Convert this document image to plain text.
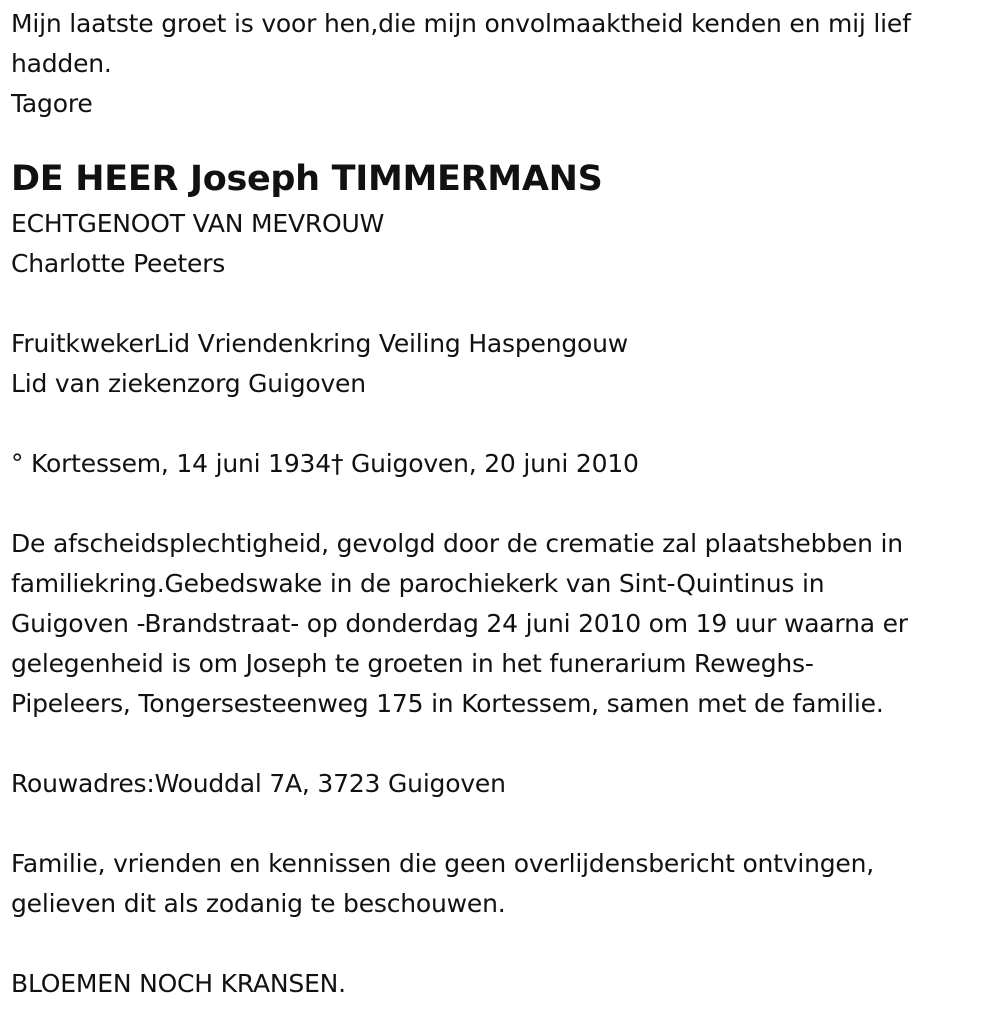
Mijn laatste groet is voor hen,die mijn onvolmaaktheid kenden en mij lief
hadden.
Tagore
DE HEER Joseph TIMMERMANS
ECHTGENOOT VAN MEVROUW
Charlotte Peeters
FruitkwekerLid Vriendenkring Veiling Haspengouw
Lid van ziekenzorg Guigoven
° Kortessem, 14 juni 1934† Guigoven, 20 juni 2010
De afscheidsplechtigheid, gevolgd door de crematie zal plaatshebben in
familiekring.Gebedswake in de parochiekerk van Sint-Quintinus in
Guigoven -Brandstraat- op donderdag 24 juni 2010 om 19 uur waarna er
gelegenheid is om Joseph te groeten in het funerarium Reweghs-
Pipeleers, Tongersesteenweg 175 in Kortessem, samen met de familie.
Rouwadres:Wouddal 7A, 3723 Guigoven
Familie, vrienden en kennissen die geen overlijdensbericht ontvingen,
gelieven dit als zodanig te beschouwen.
BLOEMEN NOCH KRANSEN.
